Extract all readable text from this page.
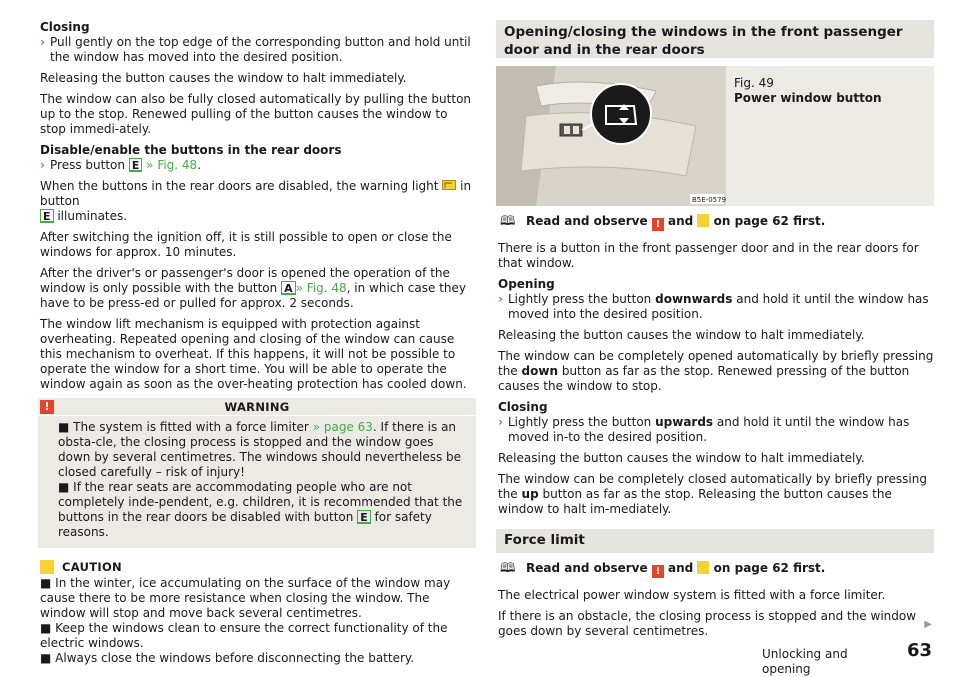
Closing
› Pull gently on the top edge of the corresponding button and hold until the window has moved into the desired position.
Releasing the button causes the window to halt immediately.
The window can also be fully closed automatically by pulling the button up to the stop. Renewed pulling of the button causes the window to stop immedi-ately.
Disable/enable the buttons in the rear doors
› Press button E » Fig. 48.
When the buttons in the rear doors are disabled, the warning light in button
E illuminates.
After switching the ignition off, it is still possible to open or close the windows for approx. 10 minutes.
After the driver's or passenger's door is opened the operation of the window is only possible with the button A » Fig. 48, in which case they have to be press-ed or pulled for approx. 2 seconds.
The window lift mechanism is equipped with protection against overheating. Repeated opening and closing of the window can cause this mechanism to overheat. If this happens, it will not be possible to operate the window for a short time. You will be able to operate the window again as soon as the over-heating protection has cooled down.
!	WARNING
■ The system is fitted with a force limiter » page 63. If there is an obsta-cle, the closing process is stopped and the window goes down by several centimetres. The windows should nevertheless be closed carefully – risk of injury!
■ If the rear seats are accommodating people who are not completely inde-pendent, e.g. children, it is recommended that the buttons in the rear doors be disabled with button E for safety reasons.
CAUTION
■ In the winter, ice accumulating on the surface of the window may cause there to be more resistance when closing the window. The window will stop and move back several centimetres.
■ Keep the windows clean to ensure the correct functionality of the electric windows.
■ Always close the windows before disconnecting the battery.
Opening/closing the windows in the front passenger door and in the rear doors
B5E-0579
Fig. 49
Power window button
🕮 Read and observe ! and on page 62 first.
There is a button in the front passenger door and in the rear doors for that window.
Opening
› Lightly press the button downwards and hold it until the window has moved into the desired position.
Releasing the button causes the window to halt immediately.
The window can be completely opened automatically by briefly pressing the down button as far as the stop. Renewed pressing of the button causes the window to stop.
Closing
› Lightly press the button upwards and hold it until the window has moved in-to the desired position.
Releasing the button causes the window to halt immediately.
The window can be completely closed automatically by briefly pressing the up button as far as the stop. Releasing the button causes the window to halt im-mediately.
Force limit
🕮 Read and observe ! and on page 62 first.
The electrical power window system is fitted with a force limiter.
If there is an obstacle, the closing process is stopped and the window goes down by several centimetres.	▶
Unlocking and opening
63
